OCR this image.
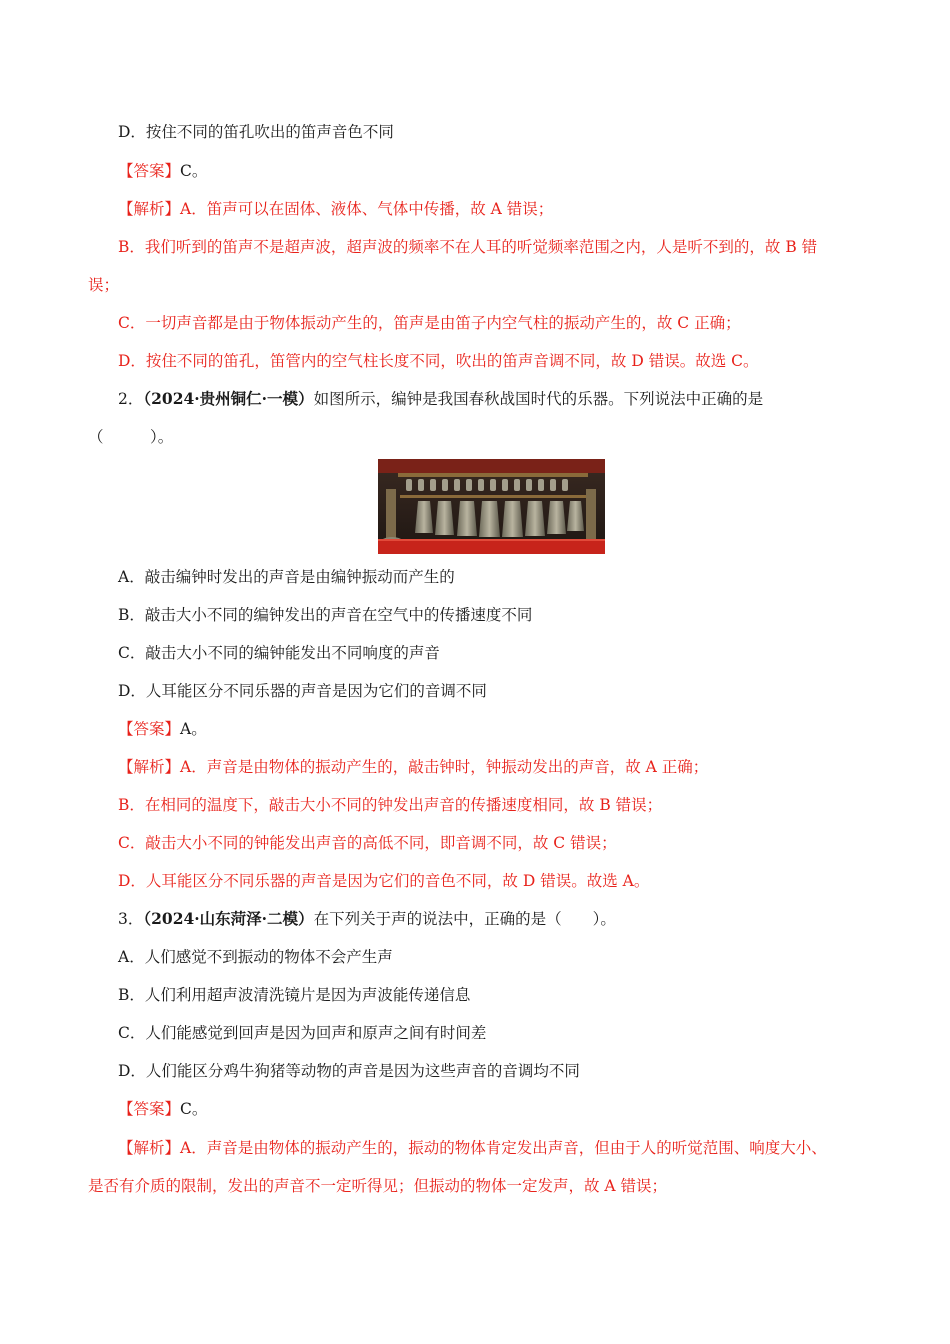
D．按住不同的笛孔吹出的笛声音色不同
【答案】C。
【解析】A．笛声可以在固体、液体、气体中传播，故 A 错误；
B．我们听到的笛声不是超声波，超声波的频率不在人耳的听觉频率范围之内，人是听不到的，故 B 错
误；
C．一切声音都是由于物体振动产生的，笛声是由笛子内空气柱的振动产生的，故 C 正确；
D．按住不同的笛孔，笛管内的空气柱长度不同，吹出的笛声音调不同，故 D 错误。故选 C。
2．（2024·贵州铜仁·一模）如图所示，编钟是我国春秋战国时代的乐器。下列说法中正确的是
（　　　）。
A．敲击编钟时发出的声音是由编钟振动而产生的
B．敲击大小不同的编钟发出的声音在空气中的传播速度不同
C．敲击大小不同的编钟能发出不同响度的声音
D．人耳能区分不同乐器的声音是因为它们的音调不同
【答案】A。
【解析】A．声音是由物体的振动产生的，敲击钟时，钟振动发出的声音，故 A 正确；
B．在相同的温度下，敲击大小不同的钟发出声音的传播速度相同，故 B 错误；
C．敲击大小不同的钟能发出声音的高低不同，即音调不同，故 C 错误；
D．人耳能区分不同乐器的声音是因为它们的音色不同，故 D 错误。故选 A。
3．（2024·山东菏泽·二模）在下列关于声的说法中，正确的是（　　）。
A．人们感觉不到振动的物体不会产生声
B．人们利用超声波清洗镜片是因为声波能传递信息
C．人们能感觉到回声是因为回声和原声之间有时间差
D．人们能区分鸡牛狗猪等动物的声音是因为这些声音的音调均不同
【答案】C。
【解析】A．声音是由物体的振动产生的，振动的物体肯定发出声音，但由于人的听觉范围、响度大小、
是否有介质的限制，发出的声音不一定听得见；但振动的物体一定发声，故 A 错误；
